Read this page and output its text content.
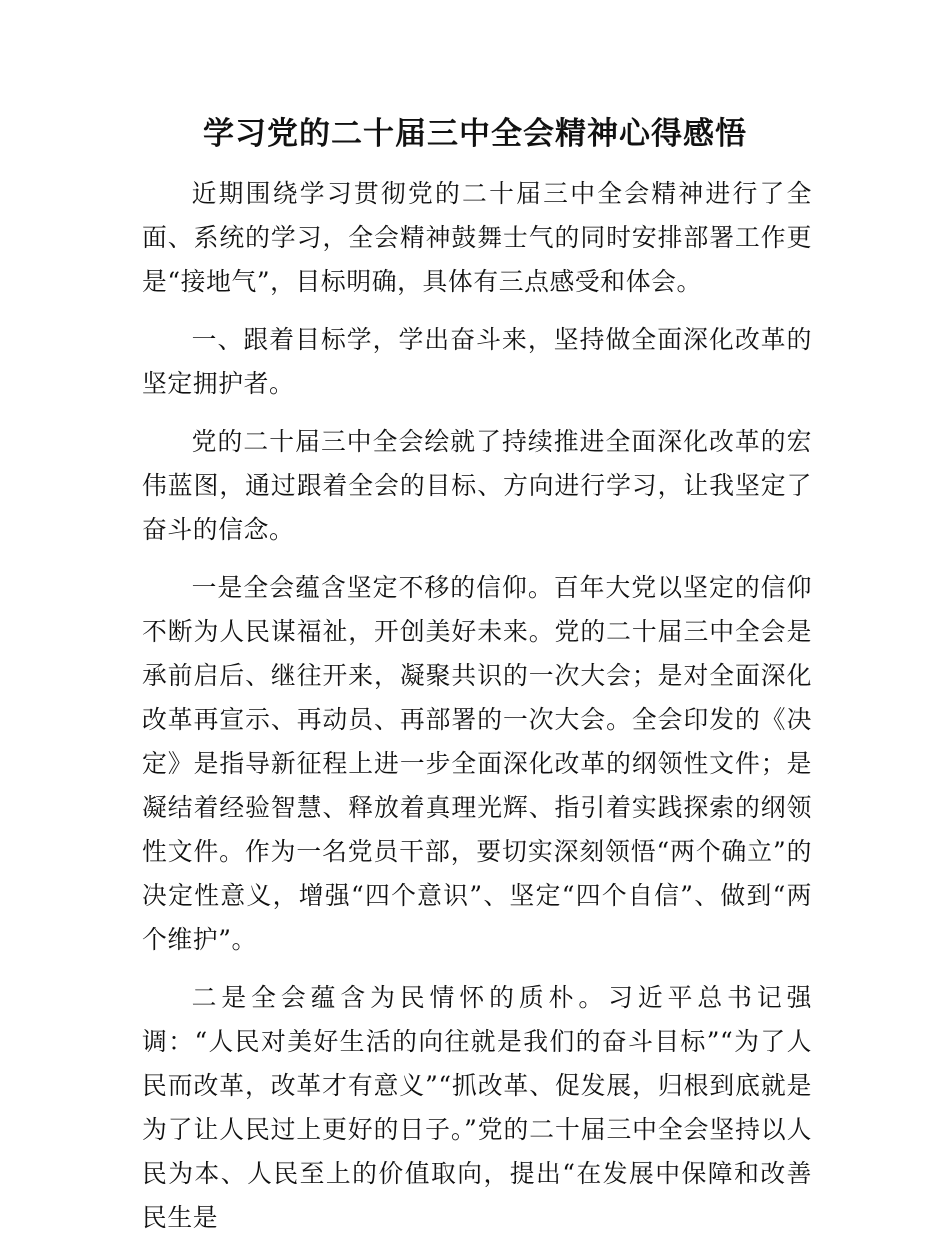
学习党的二十届三中全会精神心得感悟

近期围绕学习贯彻党的二十届三中全会精神进行了全面、系统的学习，全会精神鼓舞士气的同时安排部署工作更是“接地气”，目标明确，具体有三点感受和体会。

一、跟着目标学，学出奋斗来，坚持做全面深化改革的坚定拥护者。

党的二十届三中全会绘就了持续推进全面深化改革的宏伟蓝图，通过跟着全会的目标、方向进行学习，让我坚定了奋斗的信念。

一是全会蕴含坚定不移的信仰。百年大党以坚定的信仰不断为人民谋福祉，开创美好未来。党的二十届三中全会是承前启后、继往开来，凝聚共识的一次大会；是对全面深化改革再宣示、再动员、再部署的一次大会。全会印发的《决定》是指导新征程上进一步全面深化改革的纲领性文件；是凝结着经验智慧、释放着真理光辉、指引着实践探索的纲领性文件。作为一名党员干部，要切实深刻领悟“两个确立”的决定性意义，增强“四个意识”、坚定“四个自信”、做到“两个维护”。

二是全会蕴含为民情怀的质朴。习近平总书记强调：“人民对美好生活的向往就是我们的奋斗目标”“为了人民而改革，改革才有意义”“抓改革、促发展，归根到底就是为了让人民过上更好的日子。”党的二十届三中全会坚持以人民为本、人民至上的价值取向，提出“在发展中保障和改善民生是
